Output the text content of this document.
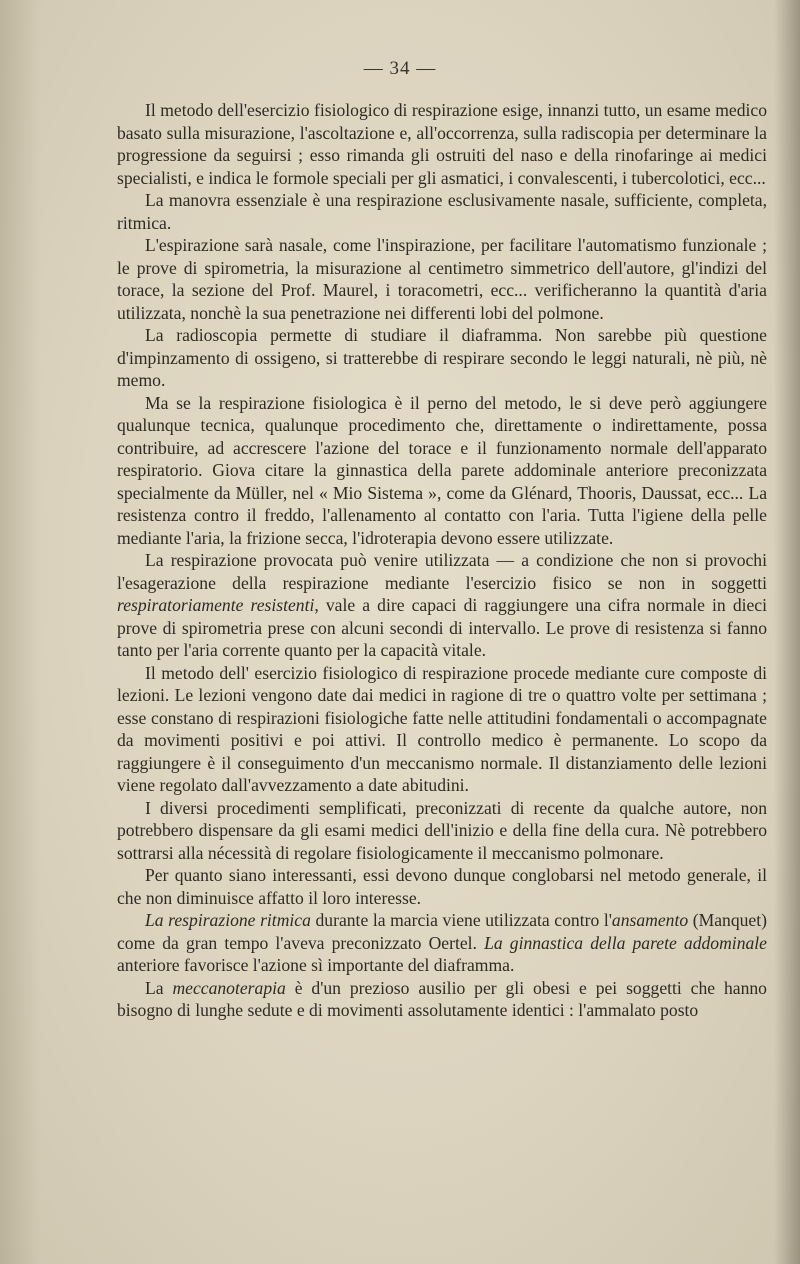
— 34 —

Il metodo dell'esercizio fisiologico di respirazione esige, innanzi tutto, un esame medico basato sulla misurazione, l'ascoltazione e, all'occorrenza, sulla radiscopia per determinare la progressione da seguirsi ; esso rimanda gli ostruiti del naso e della rinofaringe ai medici specialisti, e indica le formole speciali per gli asmatici, i convalescenti, i tubercolotici, ecc...

La manovra essenziale è una respirazione esclusivamente nasale, sufficiente, completa, ritmica.

L'espirazione sarà nasale, come l'inspirazione, per facilitare l'automatismo funzionale ; le prove di spirometria, la misurazione al centimetro simmetrico dell'autore, gl'indizi del torace, la sezione del Prof. Maurel, i toracometri, ecc... verificheranno la quantità d'aria utilizzata, nonchè la sua penetrazione nei differenti lobi del polmone.

La radioscopia permette di studiare il diaframma. Non sarebbe più questione d'impinzamento di ossigeno, si tratterebbe di respirare secondo le leggi naturali, nè più, nè memo.

Ma se la respirazione fisiologica è il perno del metodo, le si deve però aggiungere qualunque tecnica, qualunque procedimento che, direttamente o indirettamente, possa contribuire, ad accrescere l'azione del torace e il funzionamento normale dell'apparato respiratorio. Giova citare la ginnastica della parete addominale anteriore preconizzata specialmente da Müller, nel « Mio Sistema », come da Glénard, Thooris, Daussat, ecc... La resistenza contro il freddo, l'allenamento al contatto con l'aria. Tutta l'igiene della pelle mediante l'aria, la frizione secca, l'idroterapia devono essere utilizzate.

La respirazione provocata può venire utilizzata — a condizione che non si provochi l'esagerazione della respirazione mediante l'esercizio fisico se non in soggetti respiratoriamente resistenti, vale a dire capaci di raggiungere una cifra normale in dieci prove di spirometria prese con alcuni secondi di intervallo. Le prove di resistenza si fanno tanto per l'aria corrente quanto per la capacità vitale.

Il metodo dell' esercizio fisiologico di respirazione procede mediante cure composte di lezioni. Le lezioni vengono date dai medici in ragione di tre o quattro volte per settimana ; esse constano di respirazioni fisiologiche fatte nelle attitudini fondamentali o accompagnate da movimenti positivi e poi attivi. Il controllo medico è permanente. Lo scopo da raggiungere è il conseguimento d'un meccanismo normale. Il distanziamento delle lezioni viene regolato dall'avvezzamento a date abitudini.

I diversi procedimenti semplificati, preconizzati di recente da qualche autore, non potrebbero dispensare da gli esami medici dell'inizio e della fine della cura. Nè potrebbero sottrarsi alla nécessità di regolare fisiologicamente il meccanismo polmonare.

Per quanto siano interessanti, essi devono dunque conglobarsi nel metodo generale, il che non diminuisce affatto il loro interesse.

La respirazione ritmica durante la marcia viene utilizzata contro l'ansamento (Manquet) come da gran tempo l'aveva preconizzato Oertel. La ginnastica della parete addominale anteriore favorisce l'azione sì importante del diaframma.

La meccanoterapia è d'un prezioso ausilio per gli obesi e pei soggetti che hanno bisogno di lunghe sedute e di movimenti assolutamente identici : l'ammalato posto
